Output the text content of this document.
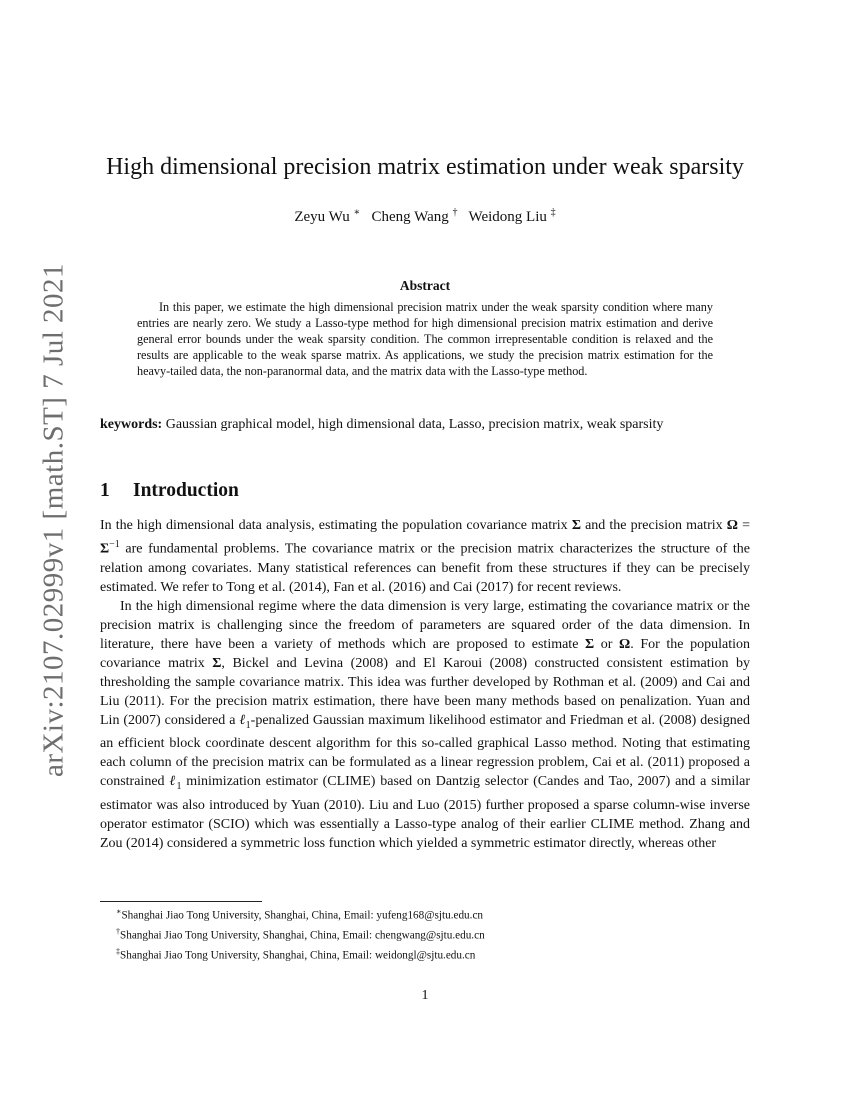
arXiv:2107.02999v1 [math.ST] 7 Jul 2021
High dimensional precision matrix estimation under weak sparsity
Zeyu Wu ∗ Cheng Wang † Weidong Liu ‡
Abstract

In this paper, we estimate the high dimensional precision matrix under the weak sparsity condition where many entries are nearly zero. We study a Lasso-type method for high dimensional precision matrix estimation and derive general error bounds under the weak sparsity condition. The common irrepresentable condition is relaxed and the results are applicable to the weak sparse matrix. As applications, we study the precision matrix estimation for the heavy-tailed data, the non-paranormal data, and the matrix data with the Lasso-type method.

keywords: Gaussian graphical model, high dimensional data, Lasso, precision matrix, weak sparsity

1 Introduction

In the high dimensional data analysis, estimating the population covariance matrix Σ and the precision matrix $\Omega = \Sigma^{-1}$ are fundamental problems. The covariance matrix or the precision matrix characterizes the structure of the relation among covariates. Many statistical references can benefit from these structures if they can be precisely estimated. We refer to Tong et al. (2014), Fan et al. (2016) and Cai (2017) for recent reviews.

In the high dimensional regime where the data dimension is very large, estimating the covariance matrix or the precision matrix is challenging since the freedom of parameters are squared order of the data dimension. In literature, there have been a variety of methods which are proposed to estimate Σ or Ω. For the population covariance matrix Σ, Bickel and Levina (2008) and El Karoui (2008) constructed consistent estimation by thresholding the sample covariance matrix. This idea was further developed by Rothman et al. (2009) and Cai and Liu (2011). For the precision matrix estimation, there have been many methods based on penalization. Yuan and Lin (2007) considered a ℓ$_1$-penalized Gaussian maximum likelihood estimator and Friedman et al. (2008) designed an efficient block coordinate descent algorithm for this so-called graphical Lasso method. Noting that estimating each column of the precision matrix can be formulated as a linear regression problem, Cai et al. (2011) proposed a constrained ℓ$_1$ minimization estimator (CLIME) based on Dantzig selector (Candes and Tao, 2007) and a similar estimator was also introduced by Yuan (2010). Liu and Luo (2015) further proposed a sparse column-wise inverse operator estimator (SCIO) which was essentially a Lasso-type analog of their earlier CLIME method. Zhang and Zou (2014) considered a symmetric loss function which yielded a symmetric estimator directly, whereas other

∗Shanghai Jiao Tong University, Shanghai, China, Email: yufeng168@sjtu.edu.cn
†Shanghai Jiao Tong University, Shanghai, China, Email: chengwang@sjtu.edu.cn
‡Shanghai Jiao Tong University, Shanghai, China, Email: weidongl@sjtu.edu.cn
1
